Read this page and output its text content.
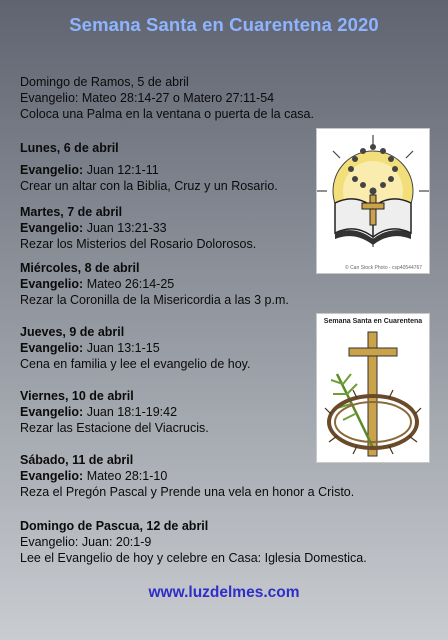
Semana Santa en Cuarentena 2020
Domingo de Ramos, 5 de abril
Evangelio: Mateo 28:14-27 o Matero 27:11-54
Coloca una Palma en la ventana o puerta de la casa.
Lunes, 6 de abril
Evangelio: Juan 12:1-11
Crear un altar con la Biblia, Cruz y un Rosario.
Martes, 7 de abril
Evangelio: Juan 13:21-33
Rezar los Misterios del Rosario Dolorosos.
Miércoles, 8 de abril
Evangelio: Mateo 26:14-25
Rezar la Coronilla de la Misericordia a las 3 p.m.
Jueves, 9 de abril
Evangelio: Juan 13:1-15
Cena en familia y lee el evangelio de hoy.
Viernes, 10 de abril
Evangelio: Juan 18:1-19:42
Rezar las Estacione del Viacrucis.
Sábado, 11 de abril
Evangelio: Mateo 28:1-10
Reza el Pregón Pascal y Prende una vela en honor a Cristo.
Domingo de Pascua, 12 de abril
Evangelio: Juan: 20:1-9
Lee el Evangelio de hoy y celebre en Casa: Iglesia Domestica.
www.luzdelmes.com
© Can Stock Photo - csp40544767
Semana Santa en Cuarentena
